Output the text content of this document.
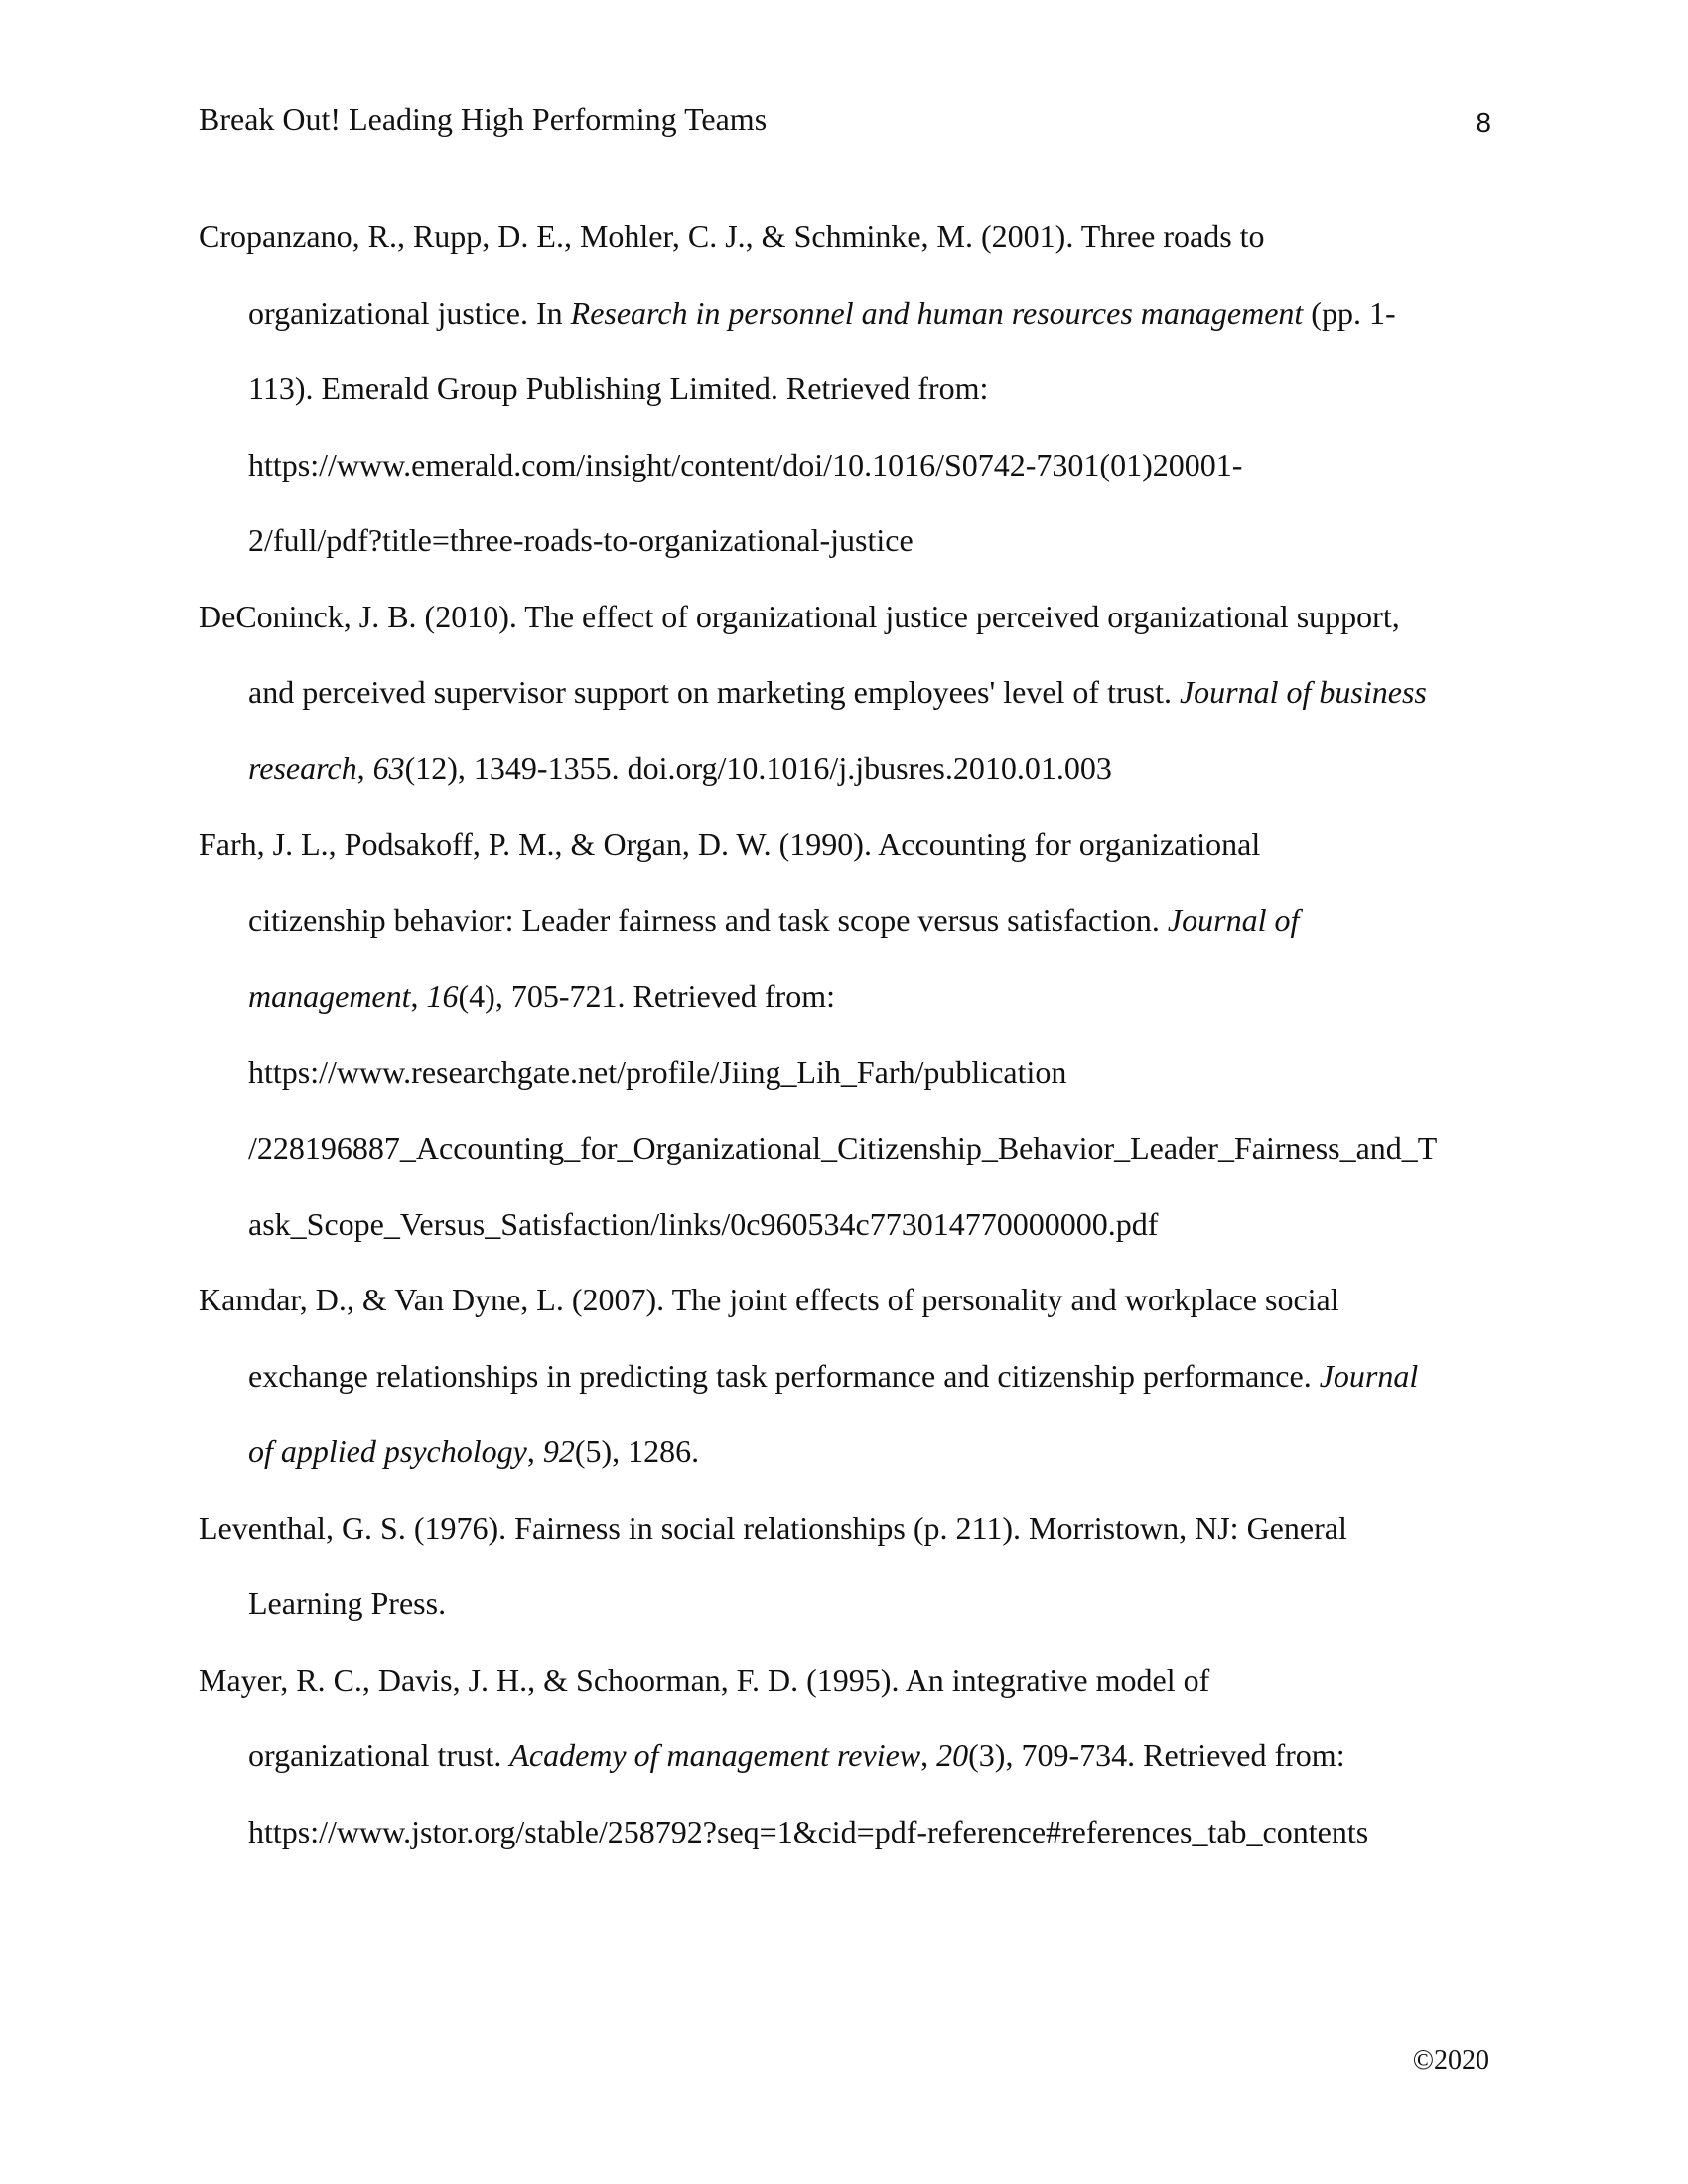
Break Out! Leading High Performing Teams	8

Cropanzano, R., Rupp, D. E., Mohler, C. J., & Schminke, M. (2001). Three roads to
organizational justice. In Research in personnel and human resources management (pp. 1-
113). Emerald Group Publishing Limited. Retrieved from:
https://www.emerald.com/insight/content/doi/10.1016/S0742-7301(01)20001-
2/full/pdf?title=three-roads-to-organizational-justice

DeConinck, J. B. (2010). The effect of organizational justice perceived organizational support,
and perceived supervisor support on marketing employees' level of trust. Journal of business
research, 63(12), 1349-1355. doi.org/10.1016/j.jbusres.2010.01.003

Farh, J. L., Podsakoff, P. M., & Organ, D. W. (1990). Accounting for organizational
citizenship behavior: Leader fairness and task scope versus satisfaction. Journal of
management, 16(4), 705-721. Retrieved from:
https://www.researchgate.net/profile/Jiing_Lih_Farh/publication
/228196887_Accounting_for_Organizational_Citizenship_Behavior_Leader_Fairness_and_T
ask_Scope_Versus_Satisfaction/links/0c960534c773014770000000.pdf

Kamdar, D., & Van Dyne, L. (2007). The joint effects of personality and workplace social
exchange relationships in predicting task performance and citizenship performance. Journal
of applied psychology, 92(5), 1286.

Leventhal, G. S. (1976). Fairness in social relationships (p. 211). Morristown, NJ: General
Learning Press.

Mayer, R. C., Davis, J. H., & Schoorman, F. D. (1995). An integrative model of
organizational trust. Academy of management review, 20(3), 709-734. Retrieved from:
https://www.jstor.org/stable/258792?seq=1&cid=pdf-reference#references_tab_contents

©2020
